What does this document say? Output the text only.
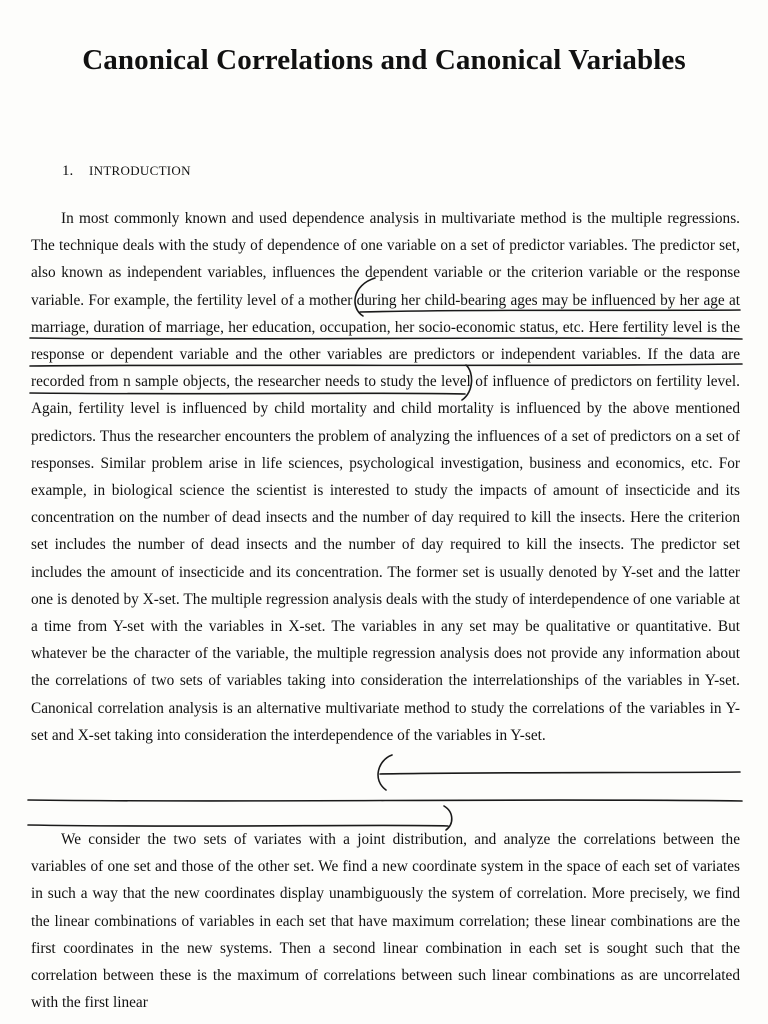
Canonical Correlations and Canonical Variables
1. INTRODUCTION

In most commonly known and used dependence analysis in multivariate method is the multiple regressions. The technique deals with the study of dependence of one variable on a set of predictor variables. The predictor set, also known as independent variables, influences the dependent variable or the criterion variable or the response variable. For example, the fertility level of a mother during her child-bearing ages may be influenced by her age at marriage, duration of marriage, her education, occupation, her socio-economic status, etc. Here fertility level is the response or dependent variable and the other variables are predictors or independent variables. If the data are recorded from n sample objects, the researcher needs to study the level of influence of predictors on fertility level. Again, fertility level is influenced by child mortality and child mortality is influenced by the above mentioned predictors. Thus the researcher encounters the problem of analyzing the influences of a set of predictors on a set of responses. Similar problem arise in life sciences, psychological investigation, business and economics, etc. For example, in biological science the scientist is interested to study the impacts of amount of insecticide and its concentration on the number of dead insects and the number of day required to kill the insects. Here the criterion set includes the number of dead insects and the number of day required to kill the insects. The predictor set includes the amount of insecticide and its concentration. The former set is usually denoted by Y-set and the latter one is denoted by X-set. The multiple regression analysis deals with the study of interdependence of one variable at a time from Y-set with the variables in X-set. The variables in any set may be qualitative or quantitative. But whatever be the character of the variable, the multiple regression analysis does not provide any information about the correlations of two sets of variables taking into consideration the interrelationships of the variables in Y-set. Canonical correlation analysis is an alternative multivariate method to study the correlations of the variables in Y-set and X-set taking into consideration the interdependence of the variables in Y-set.

We consider the two sets of variates with a joint distribution, and analyze the correlations between the variables of one set and those of the other set. We find a new coordinate system in the space of each set of variates in such a way that the new coordinates display unambiguously the system of correlation. More precisely, we find the linear combinations of variables in each set that have maximum correlation; these linear combinations are the first coordinates in the new systems. Then a second linear combination in each set is sought such that the correlation between these is the maximum of correlations between such linear combinations as are uncorrelated with the first linear
